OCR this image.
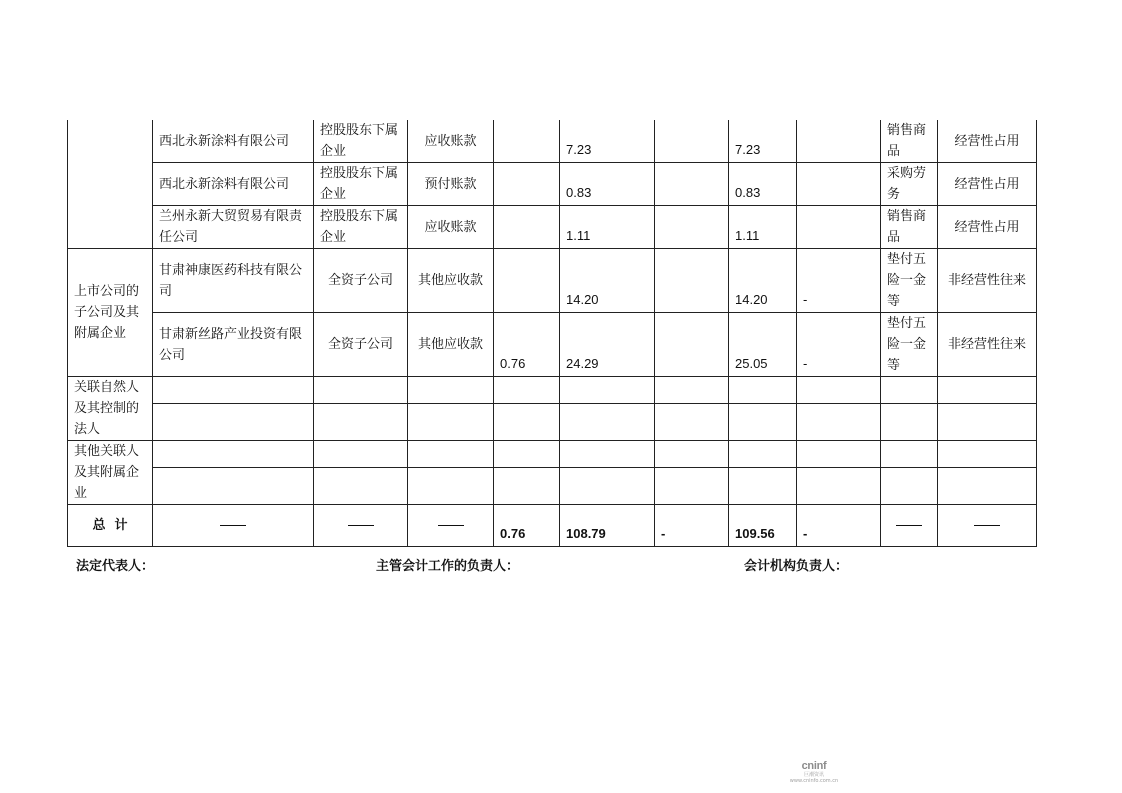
	西北永新涂料有限公司	控股股东下属企业	应收账款		7.23		7.23		销售商品	经营性占用
	西北永新涂料有限公司	控股股东下属企业	预付账款		0.83		0.83		采购劳务	经营性占用
	兰州永新大贸贸易有限责任公司	控股股东下属企业	应收账款		1.11		1.11		销售商品	经营性占用
上市公司的子公司及其附属企业	甘肃神康医药科技有限公司	全资子公司	其他应收款		14.20		14.20	-	垫付五险一金等	非经营性往来
	甘肃新丝路产业投资有限公司	全资子公司	其他应收款	0.76	24.29		25.05	-	垫付五险一金等	非经营性往来
关联自然人及其控制的法人										

其他关联人及其附属企业										

总  计				0.76	108.79	-	109.56	-		
法定代表人：	主管会计工作的负责人：	会计机构负责人：
cninf
巨潮资讯
www.cninfo.com.cn
